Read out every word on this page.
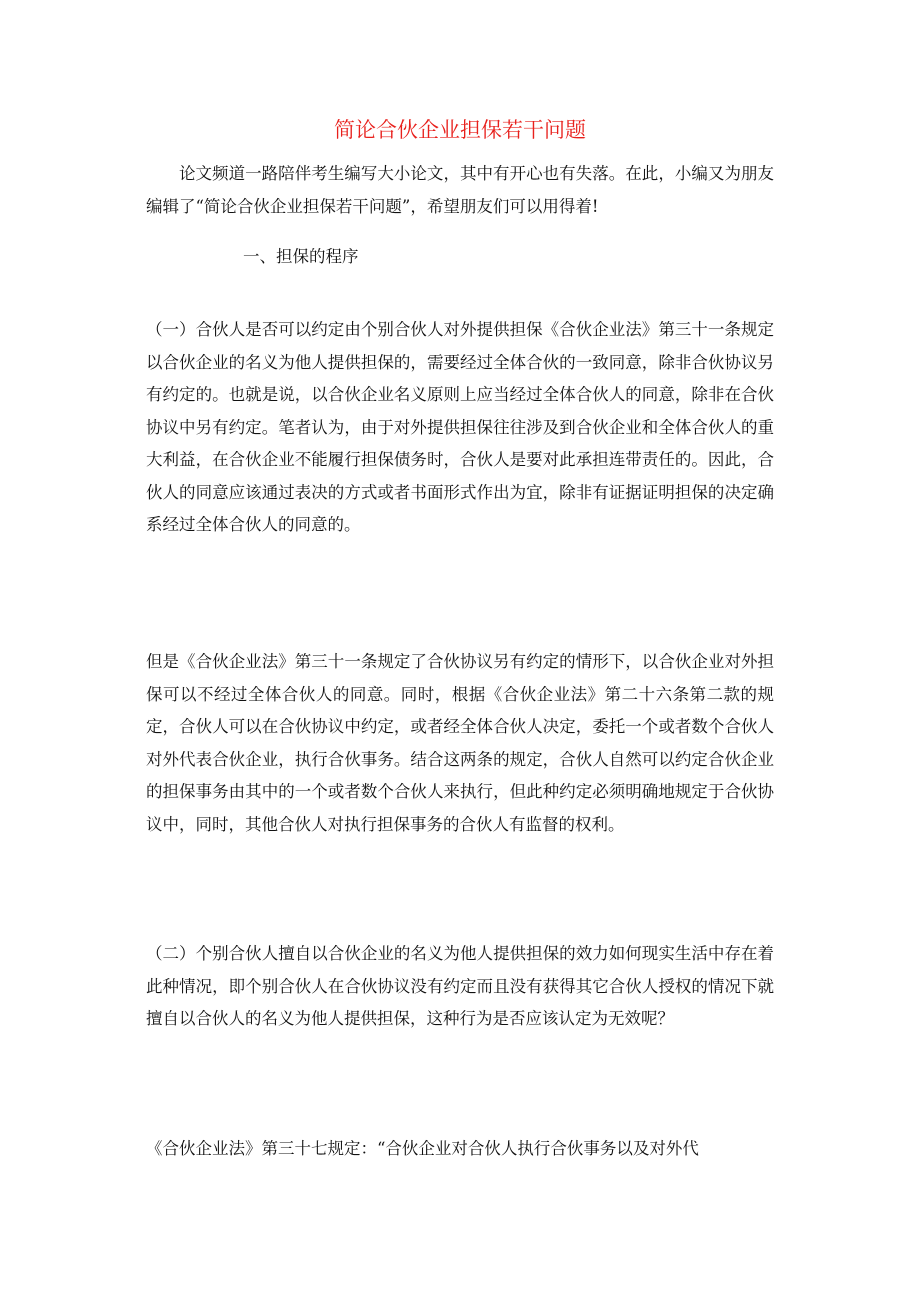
简论合伙企业担保若干问题

论文频道一路陪伴考生编写大小论文，其中有开心也有失落。在此，小编又为朋友编辑了“简论合伙企业担保若干问题”，希望朋友们可以用得着!

一、担保的程序

（一）合伙人是否可以约定由个别合伙人对外提供担保《合伙企业法》第三十一条规定以合伙企业的名义为他人提供担保的，需要经过全体合伙的一致同意，除非合伙协议另有约定的。也就是说，以合伙企业名义原则上应当经过全体合伙人的同意，除非在合伙协议中另有约定。笔者认为，由于对外提供担保往往涉及到合伙企业和全体合伙人的重大利益，在合伙企业不能履行担保债务时，合伙人是要对此承担连带责任的。因此，合伙人的同意应该通过表决的方式或者书面形式作出为宜，除非有证据证明担保的决定确系经过全体合伙人的同意的。

但是《合伙企业法》第三十一条规定了合伙协议另有约定的情形下，以合伙企业对外担保可以不经过全体合伙人的同意。同时，根据《合伙企业法》第二十六条第二款的规定，合伙人可以在合伙协议中约定，或者经全体合伙人决定，委托一个或者数个合伙人对外代表合伙企业，执行合伙事务。结合这两条的规定，合伙人自然可以约定合伙企业的担保事务由其中的一个或者数个合伙人来执行，但此种约定必须明确地规定于合伙协议中，同时，其他合伙人对执行担保事务的合伙人有监督的权利。

（二）个别合伙人擅自以合伙企业的名义为他人提供担保的效力如何现实生活中存在着此种情况，即个别合伙人在合伙协议没有约定而且没有获得其它合伙人授权的情况下就擅自以合伙人的名义为他人提供担保，这种行为是否应该认定为无效呢？

《合伙企业法》第三十七规定：“合伙企业对合伙人执行合伙事务以及对外代
